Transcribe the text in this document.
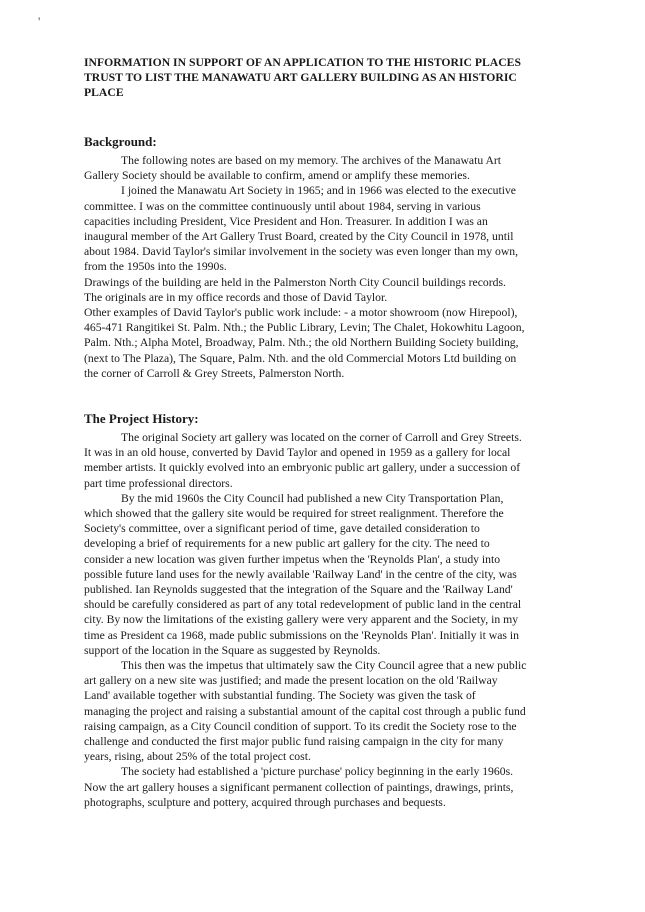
'
INFORMATION IN SUPPORT OF AN APPLICATION TO THE HISTORIC PLACES
TRUST TO LIST THE MANAWATU ART GALLERY BUILDING AS AN HISTORIC
PLACE
Background:
The following notes are based on my memory. The archives of the Manawatu Art
Gallery Society should be available to confirm, amend or amplify these memories.
I joined the Manawatu Art Society in 1965; and in 1966 was elected to the executive
committee. I was on the committee continuously until about 1984, serving in various
capacities including President, Vice President and Hon. Treasurer. In addition I was an
inaugural member of the Art Gallery Trust Board, created by the City Council in 1978, until
about 1984. David Taylor's similar involvement in the society was even longer than my own,
from the 1950s into the 1990s.
Drawings of the building are held in the Palmerston North City Council buildings records.
The originals are in my office records and those of David Taylor.
Other examples of David Taylor's public work include: - a motor showroom (now Hirepool),
465-471 Rangitikei St. Palm. Nth.; the Public Library, Levin; The Chalet, Hokowhitu Lagoon,
Palm. Nth.; Alpha Motel, Broadway, Palm. Nth.; the old Northern Building Society building,
(next to The Plaza), The Square, Palm. Nth. and the old Commercial Motors Ltd building on
the corner of Carroll & Grey Streets, Palmerston North.
The Project History:
The original Society art gallery was located on the corner of Carroll and Grey Streets.
It was in an old house, converted by David Taylor and opened in 1959 as a gallery for local
member artists. It quickly evolved into an embryonic public art gallery, under a succession of
part time professional directors.
By the mid 1960s the City Council had published a new City Transportation Plan,
which showed that the gallery site would be required for street realignment. Therefore the
Society's committee, over a significant period of time, gave detailed consideration to
developing a brief of requirements for a new public art gallery for the city. The need to
consider a new location was given further impetus when the 'Reynolds Plan', a study into
possible future land uses for the newly available 'Railway Land' in the centre of the city, was
published. Ian Reynolds suggested that the integration of the Square and the 'Railway Land'
should be carefully considered as part of any total redevelopment of public land in the central
city. By now the limitations of the existing gallery were very apparent and the Society, in my
time as President ca 1968, made public submissions on the 'Reynolds Plan'. Initially it was in
support of the location in the Square as suggested by Reynolds.
This then was the impetus that ultimately saw the City Council agree that a new public
art gallery on a new site was justified; and made the present location on the old 'Railway
Land' available together with substantial funding. The Society was given the task of
managing the project and raising a substantial amount of the capital cost through a public fund
raising campaign, as a City Council condition of support. To its credit the Society rose to the
challenge and conducted the first major public fund raising campaign in the city for many
years, rising, about 25% of the total project cost.
The society had established a 'picture purchase' policy beginning in the early 1960s.
Now the art gallery houses a significant permanent collection of paintings, drawings, prints,
photographs, sculpture and pottery, acquired through purchases and bequests.
